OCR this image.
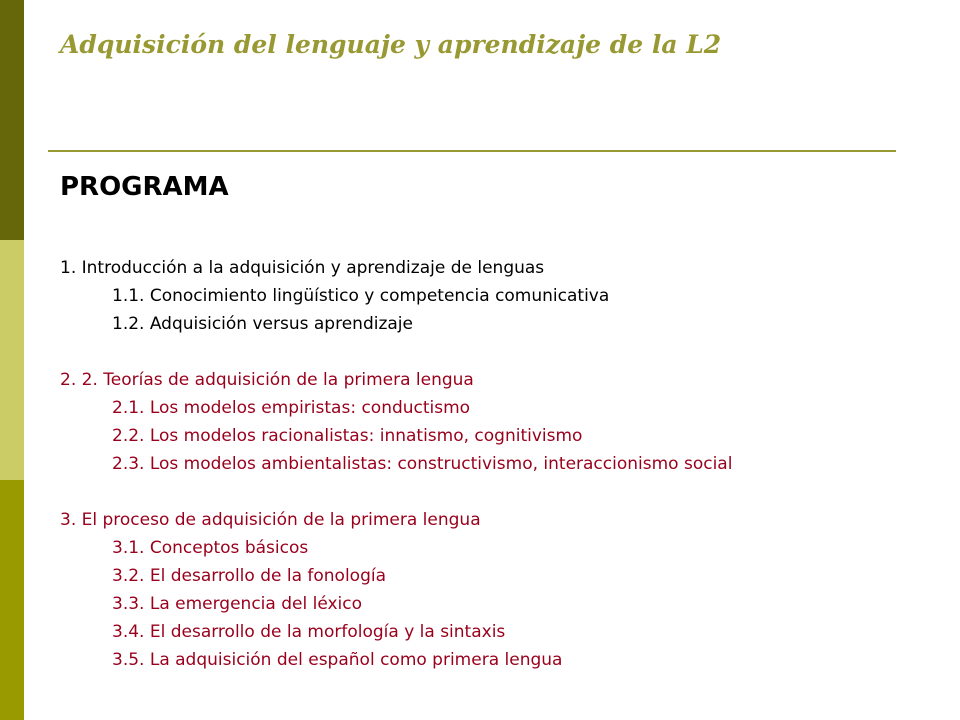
Adquisición del lenguaje y aprendizaje de la L2
PROGRAMA
1. Introducción a la adquisición y aprendizaje de lenguas
1.1. Conocimiento lingüístico y competencia comunicativa
1.2. Adquisición versus aprendizaje
2. 2. Teorías de adquisición de la primera lengua
2.1. Los modelos empiristas: conductismo
2.2. Los modelos racionalistas: innatismo, cognitivismo
2.3. Los modelos ambientalistas: constructivismo, interaccionismo social
3. El proceso de adquisición de la primera lengua
3.1. Conceptos básicos
3.2. El desarrollo de la fonología
3.3. La emergencia del léxico
3.4. El desarrollo de la morfología y la sintaxis
3.5. La adquisición del español como primera lengua
